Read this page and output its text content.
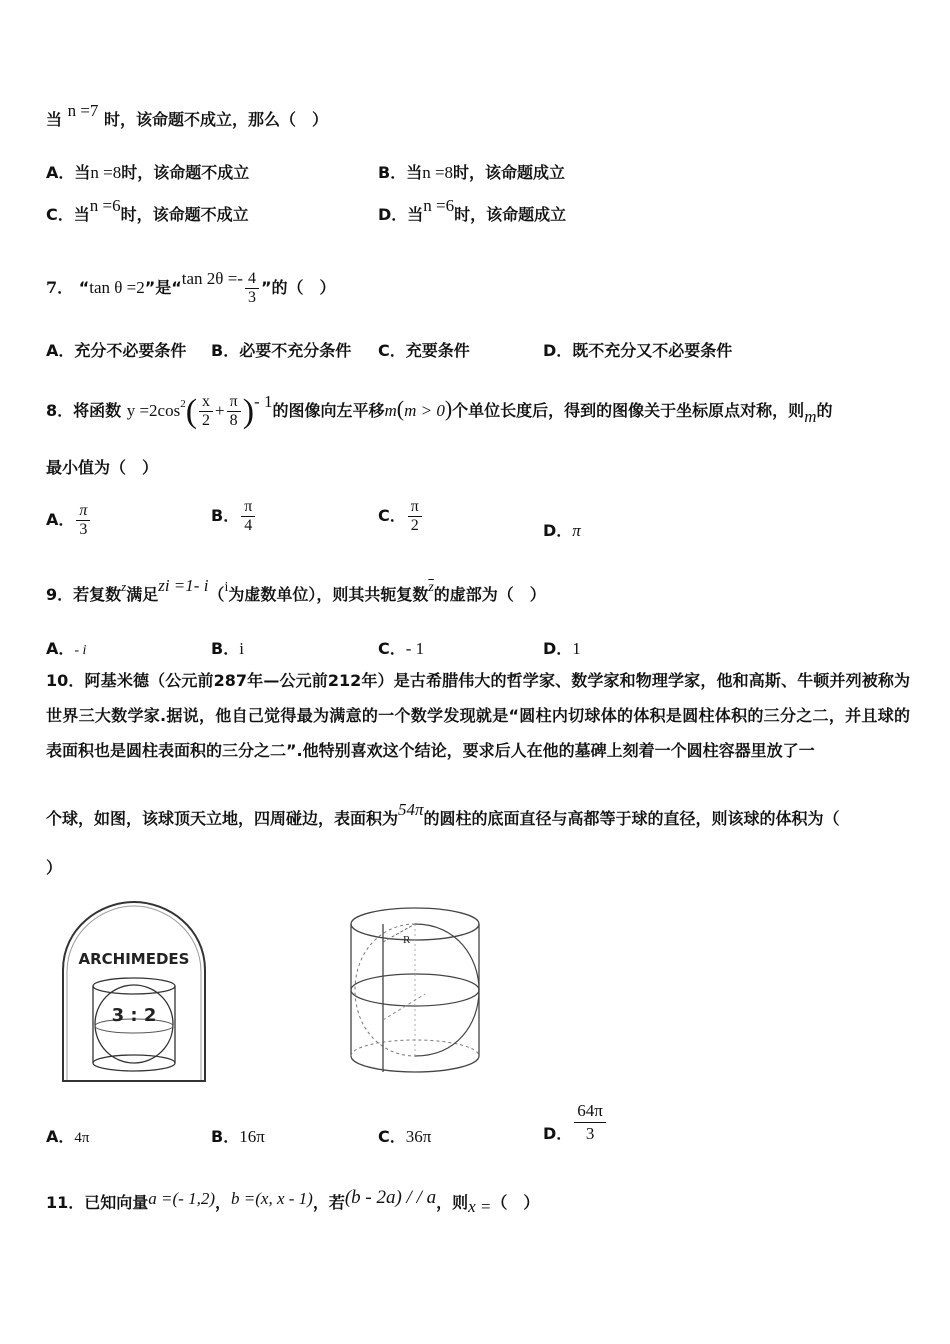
当 n =7 时，该命题不成立，那么（　）
A．当n =8时，该命题不成立	B．当n =8时，该命题成立
C．当n =6时，该命题不成立	D．当n =6时，该命题成立
7． “tan θ =2”是“tan $2\theta =- \frac{4}{3}$ ”的（　）
A．充分不必要条件 B．必要不充分条件 C．充要条件	D．既不充分又不必要条件
8．将函数 $y =2\cos^2( \frac{x}{2} + \frac{\pi}{8}$ )- 1的图像向左平移m(m > 0)个单位长度后，得到的图像关于坐标原点对称，则m的
最小值为（　）
A． $\frac{\pi}{3}$	B． $\frac{\pi}{4}$	C． $\frac{\pi}{2}$	D．π
9．若复数$^z$满足zi =1- i（i为虚数单位），则其共轭复数$\overline{z}$的虚部为（　）
A．- i	B．i	C．- 1	D．1
10．阿基米德（公元前287年—公元前212年）是古希腊伟大的哲学家、数学家和物理学家，他和高斯、牛顿并列被称为世界三大数学家.据说，他自己觉得最为满意的一个数学发现就是“圆柱内切球体的体积是圆柱体积的三分之二，并且球的表面积也是圆柱表面积的三分之二”.他特别喜欢这个结论，要求后人在他的墓碑上刻着一个圆柱容器里放了一
个球，如图，该球顶天立地，四周碰边，表面积为54π的圆柱的底面直径与高都等于球的直径，则该球的体积为（
）
ARCHIMEDES
3 : 2
R
A．4π	B．16π	C．36π	D． $\frac{64\pi}{3}$
11．已知向量a =(- 1,2)，b =(x, x - 1)，若(b - 2a) / / a，则x =（　）
